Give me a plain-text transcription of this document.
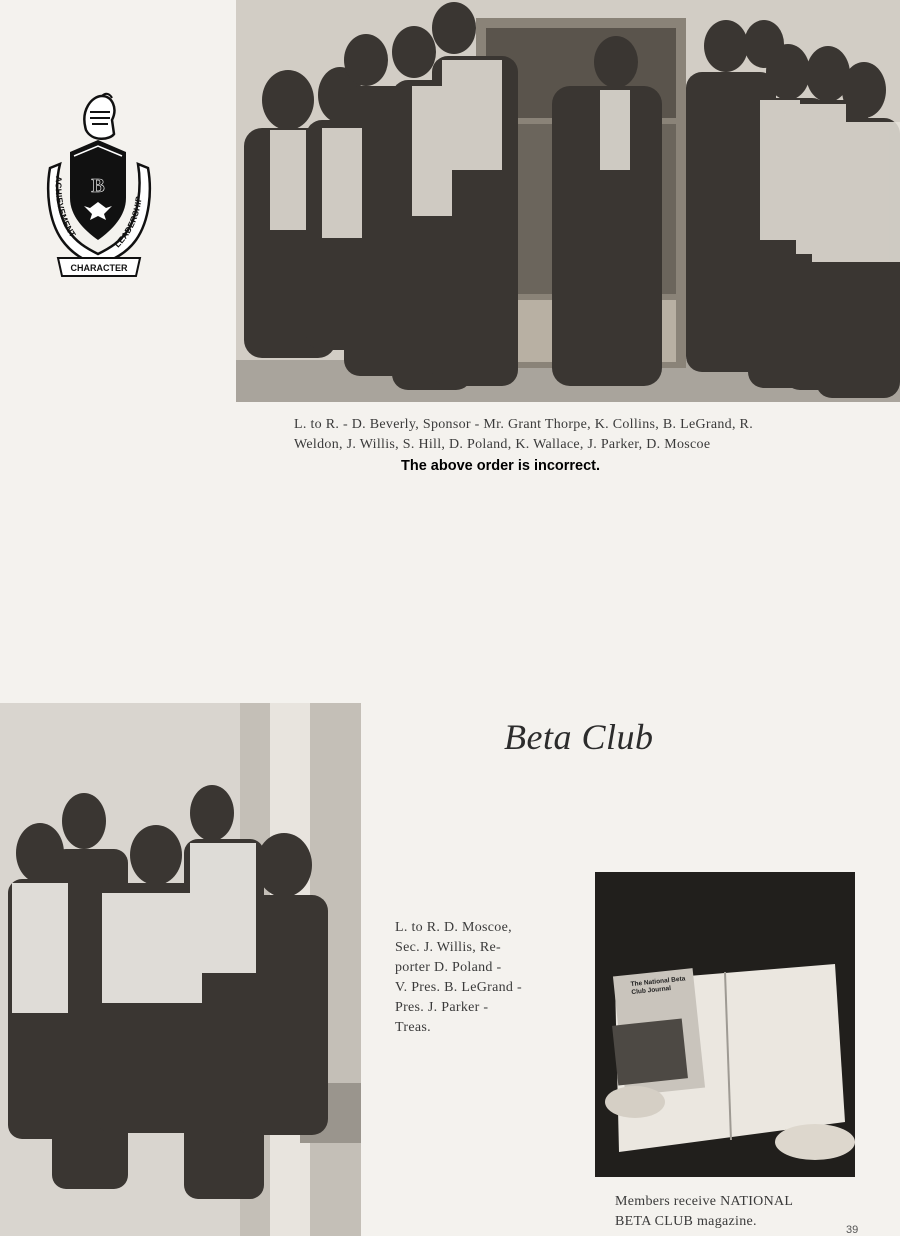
B
ACHIEVEMENT
LEADERSHIP
CHARACTER

L. to R. - D. Beverly, Sponsor - Mr. Grant Thorpe, K. Collins, B. LeGrand, R.

Weldon, J. Willis, S. Hill, D. Poland, K. Wallace, J. Parker, D. Moscoe

The above order is incorrect.
Beta Club

L. to R. D. Moscoe,

Sec. J. Willis, Re-

porter D. Poland -

V. Pres. B. LeGrand -

Pres. J. Parker -

Treas.

The National Beta Club Journal

Members receive NATIONAL

BETA CLUB magazine.

39
